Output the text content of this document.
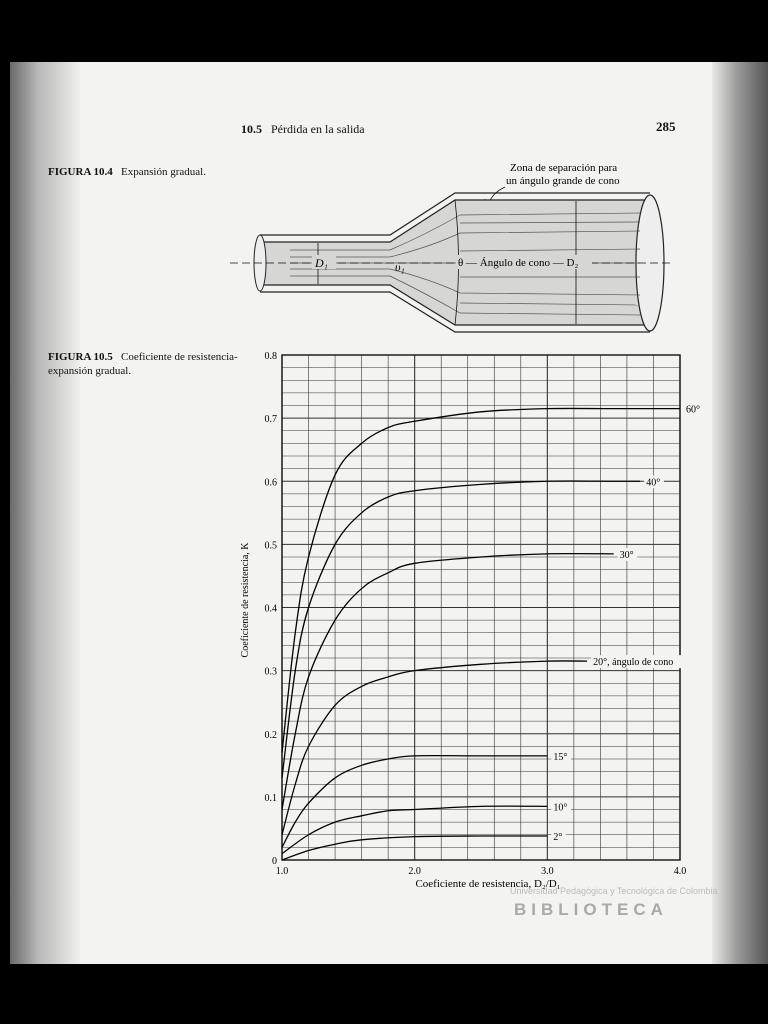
10.5 Pérdida en la salida	285
FIGURA 10.4 Expansión gradual.
FIGURA 10.5 Coeficiente de resistencia-expansión gradual.
Zona de separación para
un ángulo grande de cono
D₁	υ₁	θ — Ángulo de cono — D₂
60°
40°
30°
20°, ángulo de cono
15°
10°
2°
1.0	2.0	3.0	4.0
0
0.1
0.2
0.3
0.4
0.5
0.6
0.7
0.8
Coeficiente de resistencia, D₂/D₁
Coeficiente de resistencia, K
Universidad Pedagógica y Tecnológica de Colombia
BIBLIOTECA
